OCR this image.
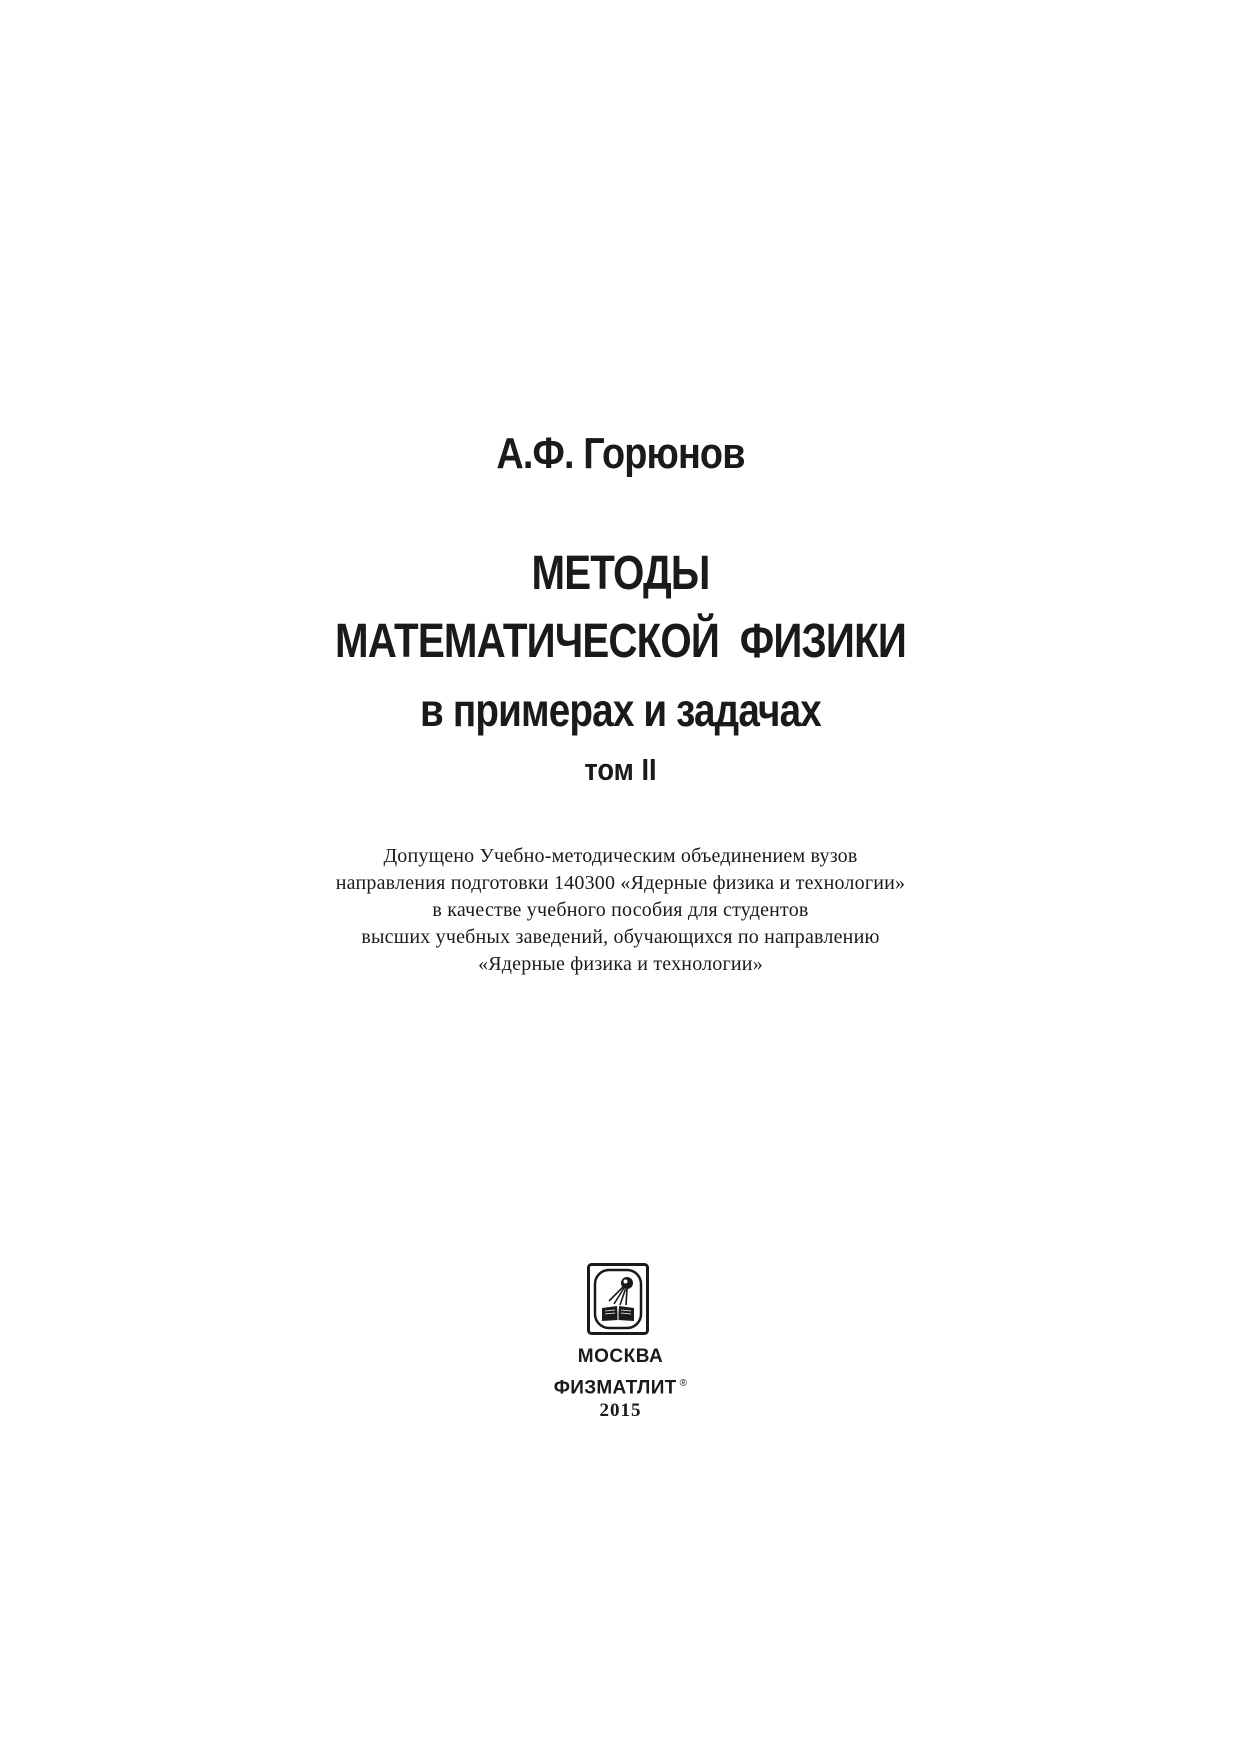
А.Ф. Горюнов
МЕТОДЫ
МАТЕМАТИЧЕСКОЙ  ФИЗИКИ
в примерах и задачах
том II
Допущено Учебно-методическим объединением вузов
направления подготовки 140300 «Ядерные физика и технологии»
в качестве учебного пособия для студентов
высших учебных заведений, обучающихся по направлению
«Ядерные физика и технологии»
МОСКВА
ФИЗМАТЛИТ ®
2015
